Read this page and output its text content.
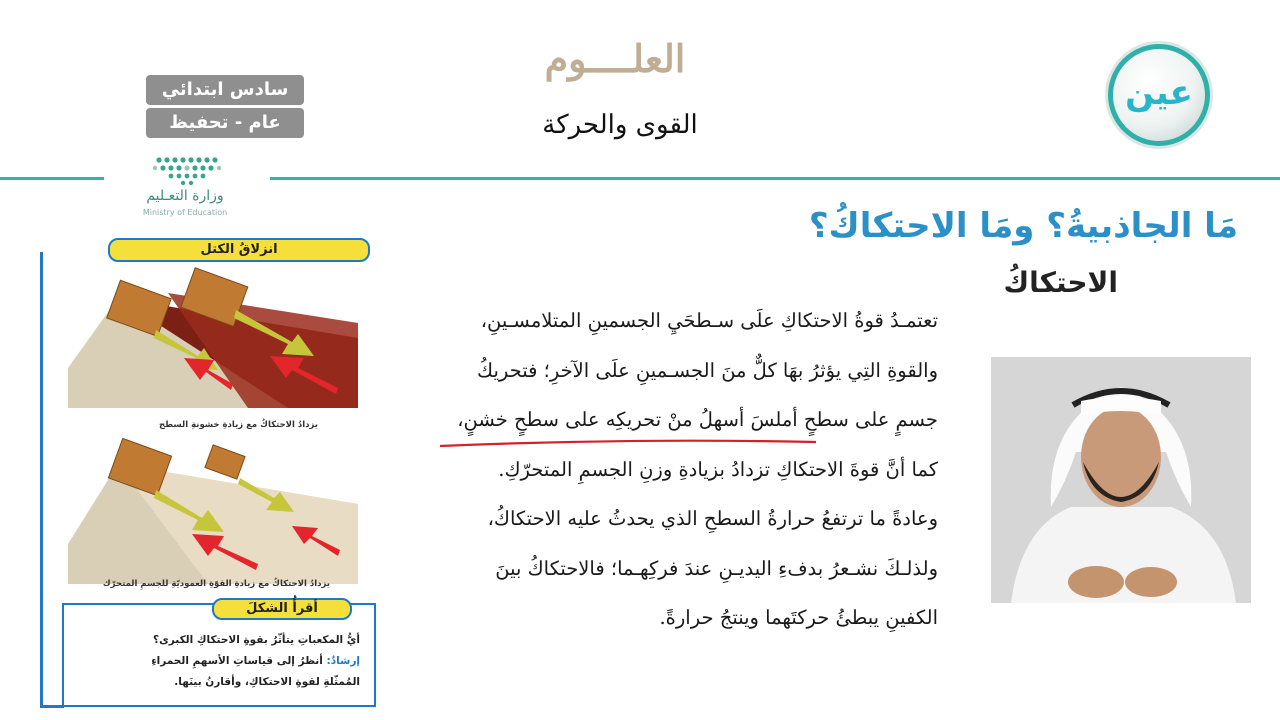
العلــــوم
القوى والحركة
سادس ابتدائي
عام - تحفيظ
وزارة التعـليم
Ministry of Education
عين
مَا الجاذبيةُ؟ ومَا الاحتكاكُ؟
الاحتكاكُ

تعتمـدُ قوةُ الاحتكاكِ علَى سـطحَيِ الجسمينِ المتلامسـينِ،

والقوةِ التِي يؤثرُ بهَا كلٌّ منَ الجسـمينِ علَى الآخرِ؛ فتحريكُ

جسمٍ على سطحٍ أملسَ أسهلُ منْ تحريكِه على سطحٍ خشنٍ،

كما أنَّ قوةَ الاحتكاكِ تزدادُ بزيادةِ وزنِ الجسمِ المتحرّكِ.

وعادةً ما ترتفعُ حرارةُ السطحِ الذي يحدثُ عليه الاحتكاكُ،

ولذلـكَ نشـعرُ بدفءِ اليديـنِ عندَ فركِهـما؛ فالاحتكاكُ بينَ

الكفينِ يبطئُ حركتَهما وينتجُ حرارةً.

انزلاقُ الكتل
يزدادُ الاحتكاكُ مع زيادةِ خشونةِ السطح
يزدادُ الاحتكاكُ مع زيادةِ القوّةِ العموديّةِ للجسمِ المتحرّك
أقرأُ الشكلَ
أيُّ المكعباتِ يتأثّرُ بقوةِ الاحتكاكِ الكبرى؟
إرشادٌ: أنظرُ إلى قياساتِ الأسهمِ الحمراءِ
المُمثّلةِ لقوةِ الاحتكاكِ، وأقارنُ بينَها.
